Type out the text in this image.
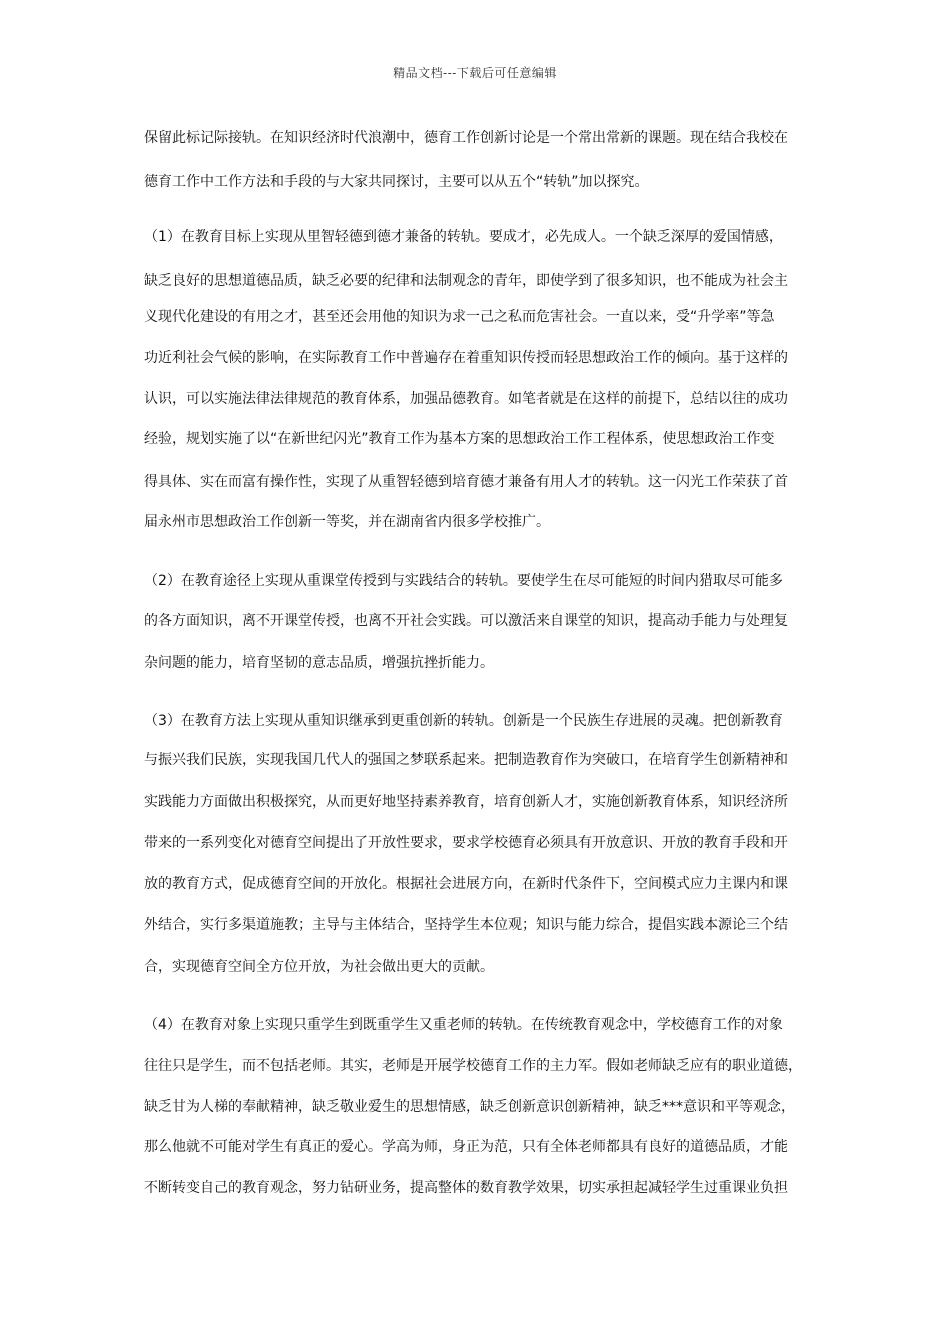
精品文档---下载后可任意编辑
保留此标记际接轨。在知识经济时代浪潮中，德育工作创新讨论是一个常出常新的课题。现在结合我校在
德育工作中工作方法和手段的与大家共同探讨，主要可以从五个“转轨”加以探究。
（1）在教育目标上实现从里智轻德到德才兼备的转轨。要成才，必先成人。一个缺乏深厚的爱国情感，
缺乏良好的思想道德品质，缺乏必要的纪律和法制观念的青年，即使学到了很多知识，也不能成为社会主
义现代化建设的有用之才，甚至还会用他的知识为求一己之私而危害社会。一直以来，受“升学率”等急
功近利社会气候的影响，在实际教育工作中普遍存在着重知识传授而轻思想政治工作的倾向。基于这样的
认识，可以实施法律法律规范的教育体系，加强品德教育。如笔者就是在这样的前提下，总结以往的成功
经验，规划实施了以“在新世纪闪光”教育工作为基本方案的思想政治工作工程体系，使思想政治工作变
得具体、实在而富有操作性，实现了从重智轻德到培育德才兼备有用人才的转轨。这一闪光工作荣获了首
届永州市思想政治工作创新一等奖，并在湖南省内很多学校推广。
（2）在教育途径上实现从重课堂传授到与实践结合的转轨。要使学生在尽可能短的时间内猎取尽可能多
的各方面知识，离不开课堂传授，也离不开社会实践。可以激活来自课堂的知识，提高动手能力与处理复
杂问题的能力，培育坚韧的意志品质，增强抗挫折能力。
（3）在教育方法上实现从重知识继承到更重创新的转轨。创新是一个民族生存进展的灵魂。把创新教育
与振兴我们民族，实现我国几代人的强国之梦联系起来。把制造教育作为突破口，在培育学生创新精神和
实践能力方面做出积极探究，从而更好地坚持素养教育，培育创新人才，实施创新教育体系，知识经济所
带来的一系列变化对德育空间提出了开放性要求，要求学校德育必须具有开放意识、开放的教育手段和开
放的教育方式，促成德育空间的开放化。根据社会进展方向，在新时代条件下，空间模式应力主课内和课
外结合，实行多渠道施教；主导与主体结合，坚持学生本位观；知识与能力综合，提倡实践本源论三个结
合，实现德育空间全方位开放，为社会做出更大的贡献。
（4）在教育对象上实现只重学生到既重学生又重老师的转轨。在传统教育观念中，学校德育工作的对象
往往只是学生，而不包括老师。其实，老师是开展学校德育工作的主力军。假如老师缺乏应有的职业道德，
缺乏甘为人梯的奉献精神，缺乏敬业爱生的思想情感，缺乏创新意识创新精神，缺乏***意识和平等观念，
那么他就不可能对学生有真正的爱心。学高为师，身正为范，只有全体老师都具有良好的道德品质，才能
不断转变自己的教育观念，努力钻研业务，提高整体的数育教学效果，切实承担起减轻学生过重课业负担
